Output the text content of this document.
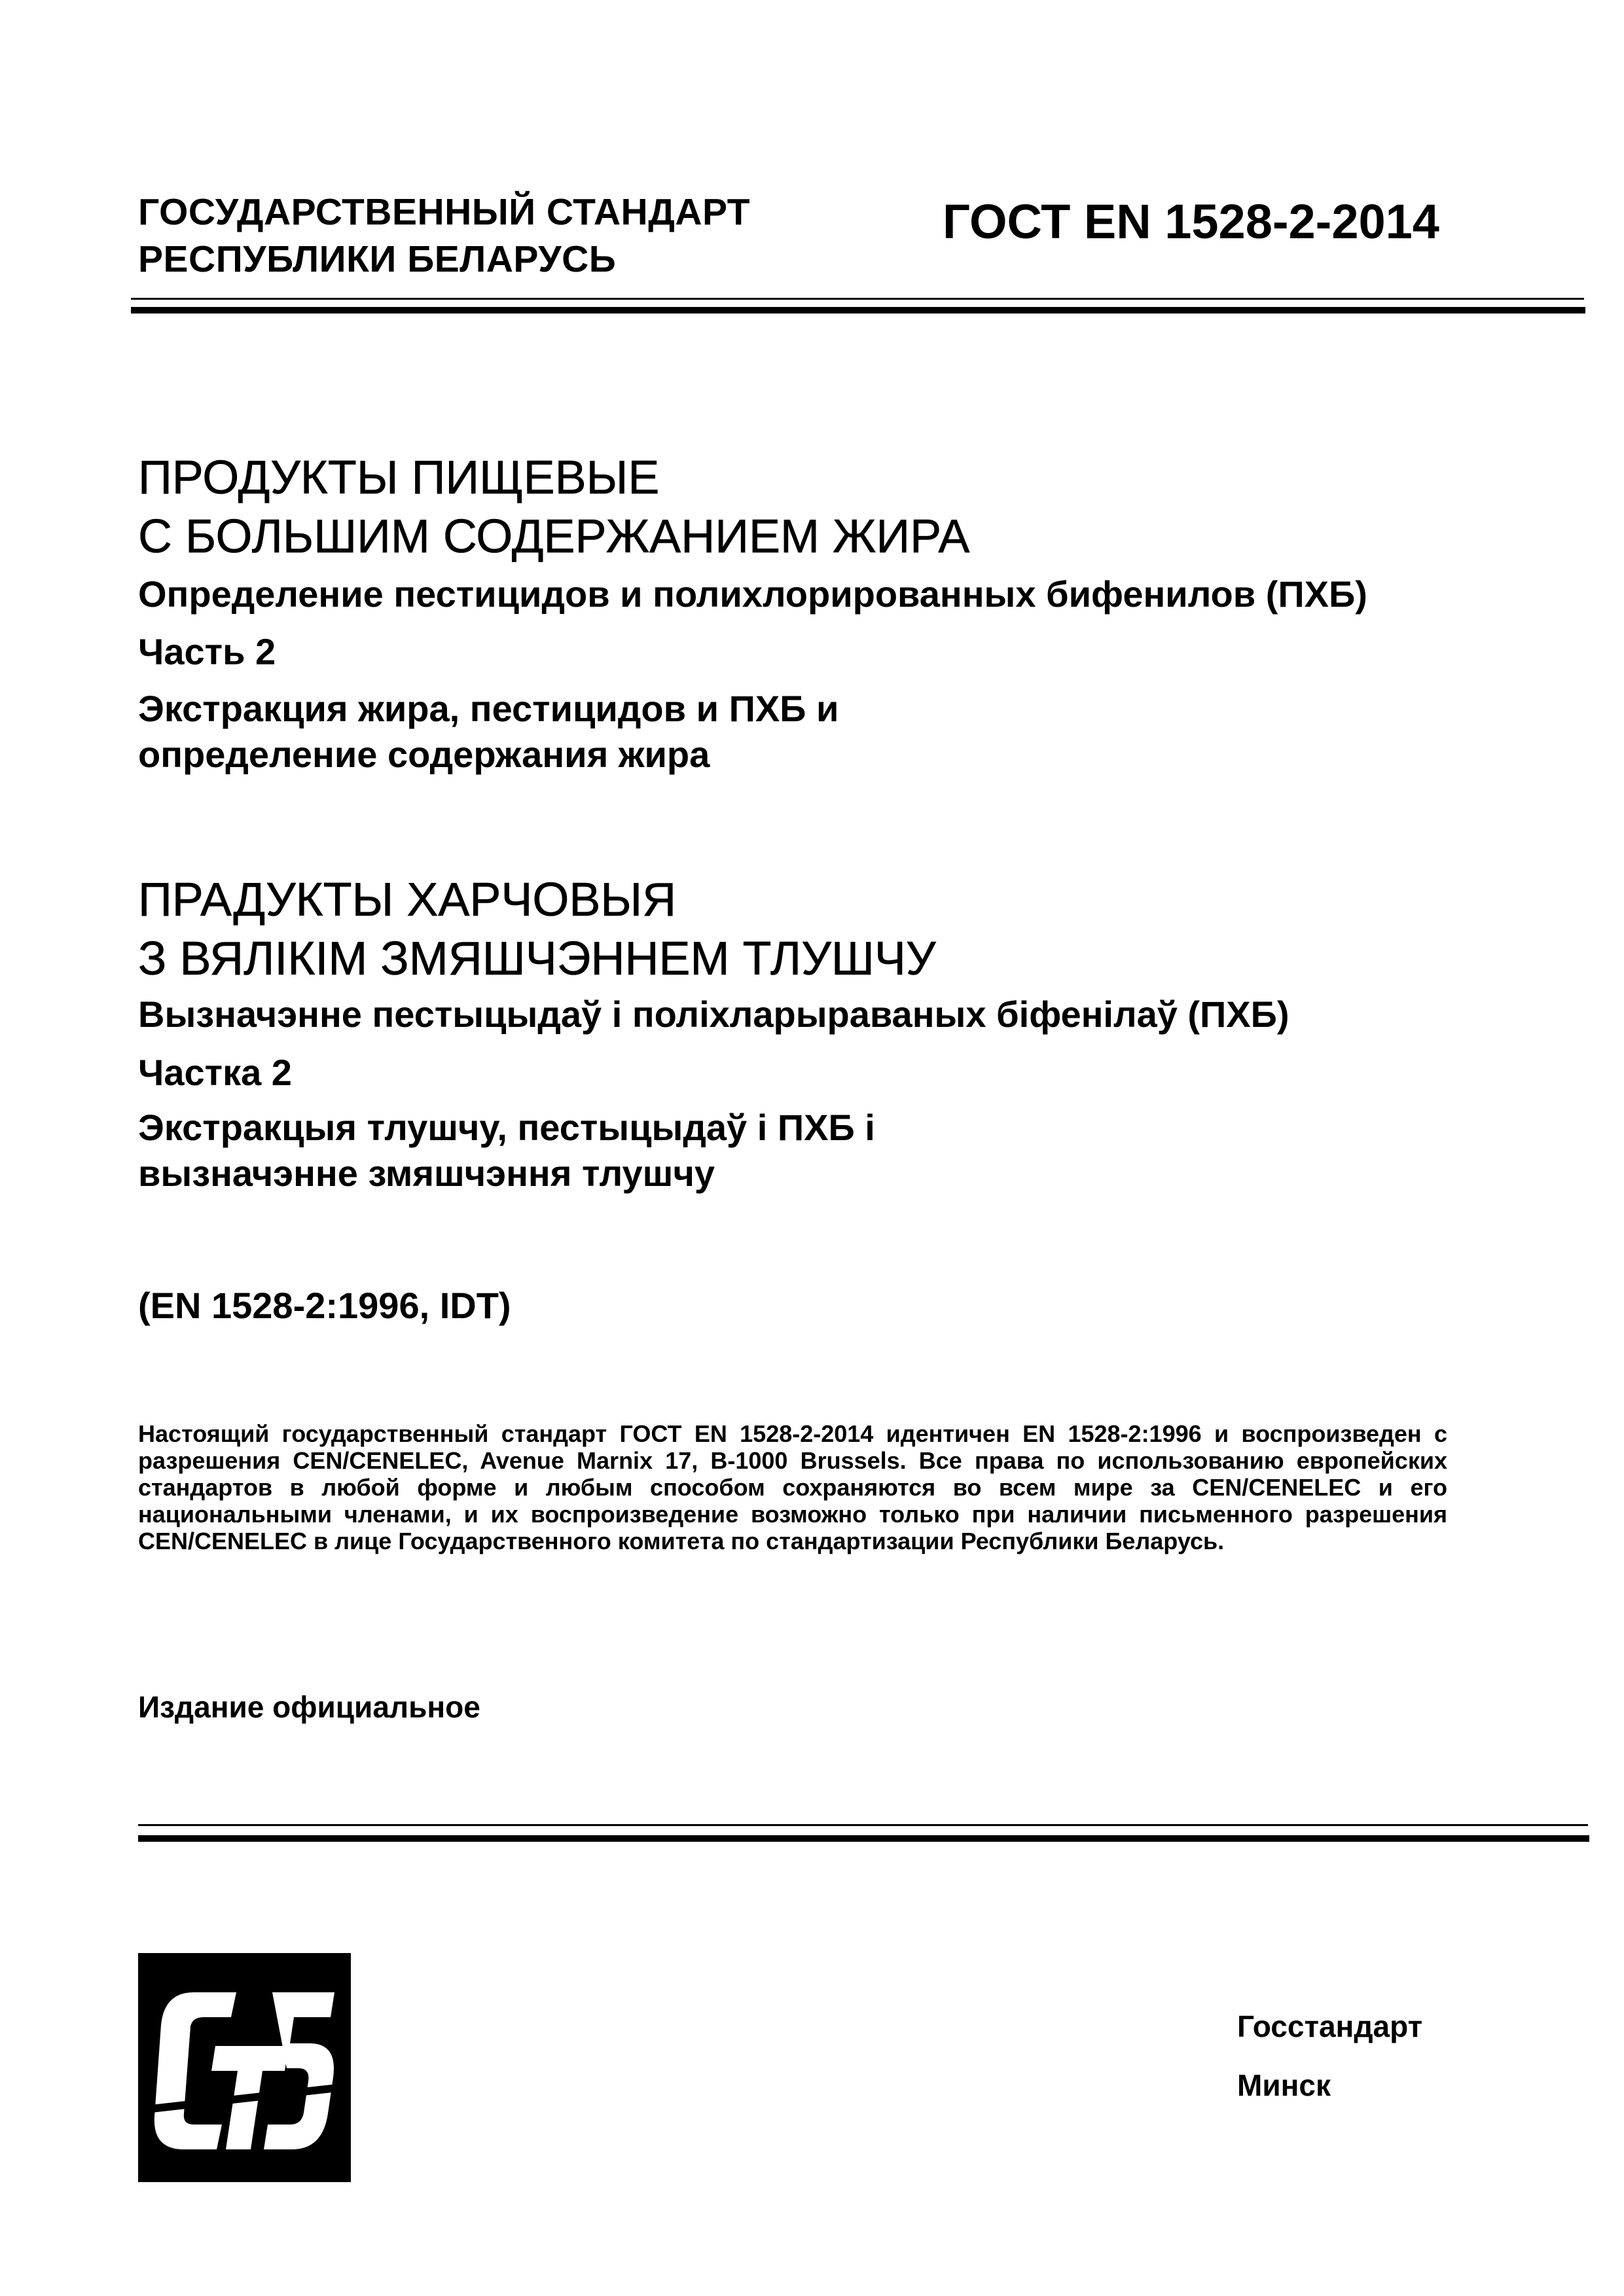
ГОСУДАРСТВЕННЫЙ СТАНДАРТ
РЕСПУБЛИКИ БЕЛАРУСЬ
ГОСТ EN 1528-2-2014
ПРОДУКТЫ ПИЩЕВЫЕ
С БОЛЬШИМ СОДЕРЖАНИЕМ ЖИРА
Определение пестицидов и полихлорированных бифенилов (ПХБ)
Часть 2
Экстракция жира, пестицидов и ПХБ и
определение содержания жира
ПРАДУКТЫ ХАРЧОВЫЯ
З ВЯЛІКІМ ЗМЯШЧЭННЕМ ТЛУШЧУ
Вызначэнне пестыцыдаў і поліхларыраваных біфенілаў (ПХБ)
Частка 2
Экстракцыя тлушчу, пестыцыдаў і ПХБ і
вызначэнне змяшчэння тлушчу
(EN 1528-2:1996, IDT)
Настоящий государственный стандарт ГОСТ EN 1528-2-2014 идентичен EN 1528-2:1996 и воспроизведен с разрешения CEN/CENELEC, Avenue Marnix 17, B-1000 Brussels. Все права по использованию европейских стандартов в любой форме и любым способом сохраняются во всем мире за CEN/CENELEC и его национальными членами, и их воспроизведение возможно только при наличии письменного разрешения CEN/CENELEC в лице Государственного комитета по стандартизации Республики Беларусь.
Издание официальное
Госстандарт
Минск
